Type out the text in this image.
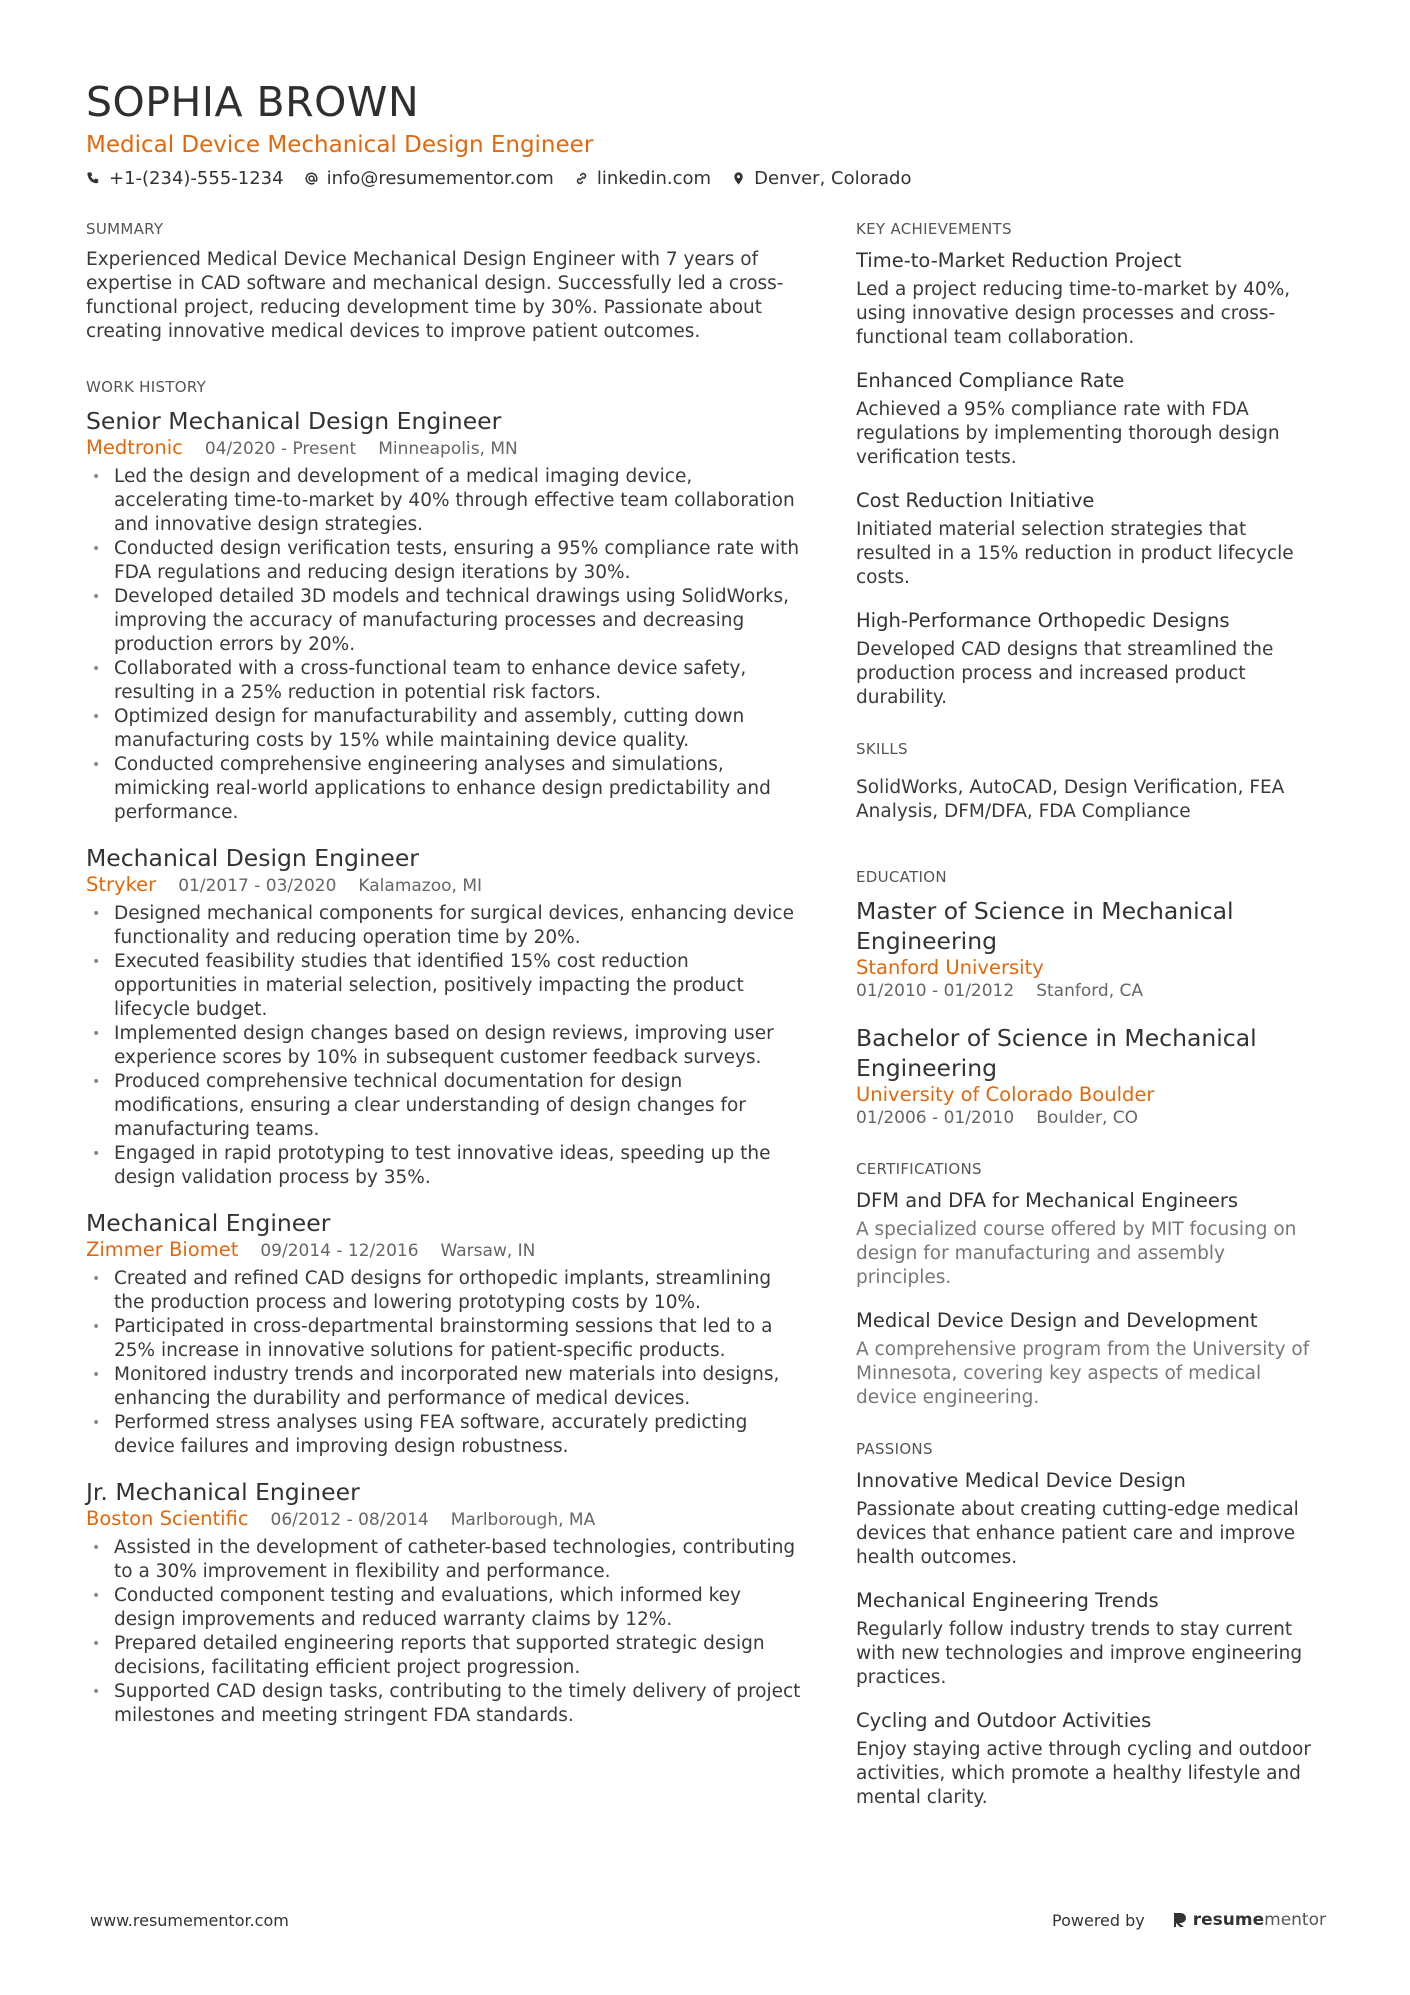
SOPHIA BROWN
Medical Device Mechanical Design Engineer
+1-(234)-555-1234 info@resumementor.com linkedin.com Denver, Colorado
SUMMARY

Experienced Medical Device Mechanical Design Engineer with 7 years of expertise in CAD software and mechanical design. Successfully led a cross-functional project, reducing development time by 30%. Passionate about creating innovative medical devices to improve patient outcomes.

WORK HISTORY
Senior Mechanical Design Engineer
Medtronic 04/2020 - Present Minneapolis, MN
• Led the design and development of a medical imaging device, accelerating time-to-market by 40% through effective team collaboration and innovative design strategies.
• Conducted design verification tests, ensuring a 95% compliance rate with FDA regulations and reducing design iterations by 30%.
• Developed detailed 3D models and technical drawings using SolidWorks, improving the accuracy of manufacturing processes and decreasing production errors by 20%.
• Collaborated with a cross-functional team to enhance device safety, resulting in a 25% reduction in potential risk factors.
• Optimized design for manufacturability and assembly, cutting down manufacturing costs by 15% while maintaining device quality.
• Conducted comprehensive engineering analyses and simulations, mimicking real-world applications to enhance design predictability and performance.
Mechanical Design Engineer
Stryker 01/2017 - 03/2020 Kalamazoo, MI
• Designed mechanical components for surgical devices, enhancing device functionality and reducing operation time by 20%.
• Executed feasibility studies that identified 15% cost reduction opportunities in material selection, positively impacting the product lifecycle budget.
• Implemented design changes based on design reviews, improving user experience scores by 10% in subsequent customer feedback surveys.
• Produced comprehensive technical documentation for design modifications, ensuring a clear understanding of design changes for manufacturing teams.
• Engaged in rapid prototyping to test innovative ideas, speeding up the design validation process by 35%.
Mechanical Engineer
Zimmer Biomet 09/2014 - 12/2016 Warsaw, IN
• Created and refined CAD designs for orthopedic implants, streamlining the production process and lowering prototyping costs by 10%.
• Participated in cross-departmental brainstorming sessions that led to a 25% increase in innovative solutions for patient-specific products.
• Monitored industry trends and incorporated new materials into designs, enhancing the durability and performance of medical devices.
• Performed stress analyses using FEA software, accurately predicting device failures and improving design robustness.
Jr. Mechanical Engineer
Boston Scientific 06/2012 - 08/2014 Marlborough, MA
• Assisted in the development of catheter-based technologies, contributing to a 30% improvement in flexibility and performance.
• Conducted component testing and evaluations, which informed key design improvements and reduced warranty claims by 12%.
• Prepared detailed engineering reports that supported strategic design decisions, facilitating efficient project progression.
• Supported CAD design tasks, contributing to the timely delivery of project milestones and meeting stringent FDA standards.
KEY ACHIEVEMENTS
Time-to-Market Reduction Project

Led a project reducing time-to-market by 40%, using innovative design processes and cross-functional team collaboration.

Enhanced Compliance Rate

Achieved a 95% compliance rate with FDA regulations by implementing thorough design verification tests.

Cost Reduction Initiative

Initiated material selection strategies that resulted in a 15% reduction in product lifecycle costs.

High-Performance Orthopedic Designs

Developed CAD designs that streamlined the production process and increased product durability.

SKILLS

SolidWorks, AutoCAD, Design Verification, FEA Analysis, DFM/DFA, FDA Compliance

EDUCATION
Master of Science in Mechanical Engineering
Stanford University
01/2010 - 01/2012 Stanford, CA
Bachelor of Science in Mechanical Engineering
University of Colorado Boulder
01/2006 - 01/2010 Boulder, CO
CERTIFICATIONS
DFM and DFA for Mechanical Engineers

A specialized course offered by MIT focusing on design for manufacturing and assembly principles.

Medical Device Design and Development

A comprehensive program from the University of Minnesota, covering key aspects of medical device engineering.

PASSIONS
Innovative Medical Device Design

Passionate about creating cutting-edge medical devices that enhance patient care and improve health outcomes.

Mechanical Engineering Trends

Regularly follow industry trends to stay current with new technologies and improve engineering practices.

Cycling and Outdoor Activities

Enjoy staying active through cycling and outdoor activities, which promote a healthy lifestyle and mental clarity.

www.resumementor.com	Powered by	resumementor
